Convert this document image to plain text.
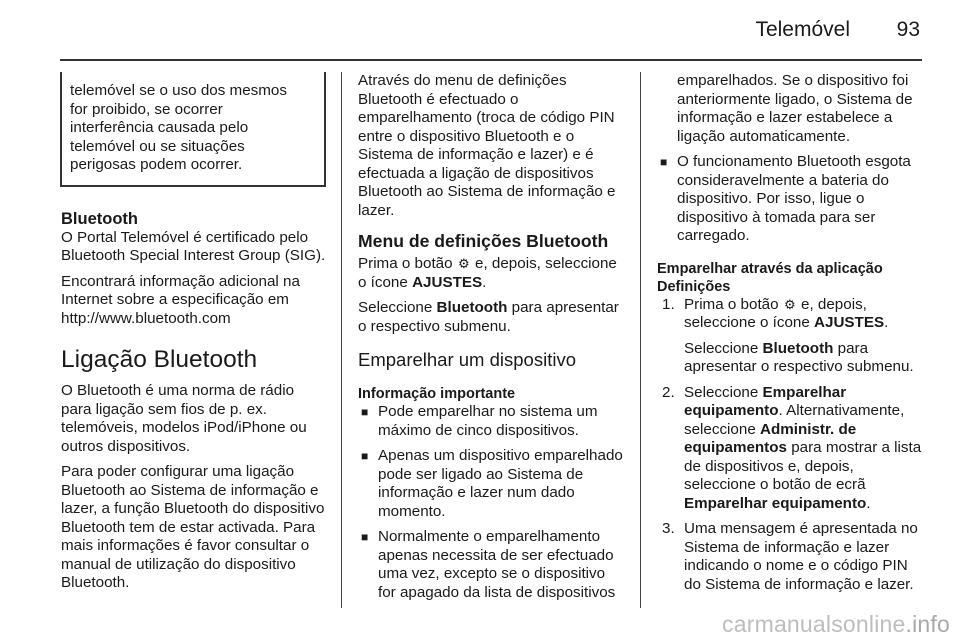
Telemóvel 93
telemóvel se o uso dos mesmos
for proibido, se ocorrer
interferência causada pelo
telemóvel ou se situações
perigosas podem ocorrer.
Bluetooth

O Portal Telemóvel é certificado pelo Bluetooth Special Interest Group (SIG).

Encontrará informação adicional na Internet sobre a especificação em http://www.bluetooth.com

Ligação Bluetooth

O Bluetooth é uma norma de rádio para ligação sem fios de p. ex. telemóveis, modelos iPod/iPhone ou outros dispositivos.

Para poder configurar uma ligação Bluetooth ao Sistema de informação e lazer, a função Bluetooth do dispositivo Bluetooth tem de estar activada. Para mais informações é favor consultar o manual de utilização do dispositivo Bluetooth.

Através do menu de definições Bluetooth é efectuado o emparelhamento (troca de código PIN entre o dispositivo Bluetooth e o Sistema de informação e lazer) e é efectuada a ligação de dispositivos Bluetooth ao Sistema de informação e lazer.

Menu de definições Bluetooth

Prima o botão ⚙ e, depois, seleccione o ícone AJUSTES.

Seleccione Bluetooth para apresentar o respectivo submenu.

Emparelhar um dispositivo
Informação importante
■ Pode emparelhar no sistema um máximo de cinco dispositivos.
■ Apenas um dispositivo emparelhado pode ser ligado ao Sistema de informação e lazer num dado momento.
■ Normalmente o emparelhamento apenas necessita de ser efectuado uma vez, excepto se o dispositivo for apagado da lista de dispositivos

emparelhados. Se o dispositivo foi anteriormente ligado, o Sistema de informação e lazer estabelece a ligação automaticamente.

■ O funcionamento Bluetooth esgota consideravelmente a bateria do dispositivo. Por isso, ligue o dispositivo à tomada para ser carregado.
Emparelhar através da aplicação Definições
1. Prima o botão ⚙ e, depois, seleccione o ícone AJUSTES.

Seleccione Bluetooth para apresentar o respectivo submenu.

2. Seleccione Emparelhar equipamento. Alternativamente, seleccione Administr. de equipamentos para mostrar a lista de dispositivos e, depois, seleccione o botão de ecrã Emparelhar equipamento.
3. Uma mensagem é apresentada no Sistema de informação e lazer indicando o nome e o código PIN do Sistema de informação e lazer.
carmanualsonline.info
